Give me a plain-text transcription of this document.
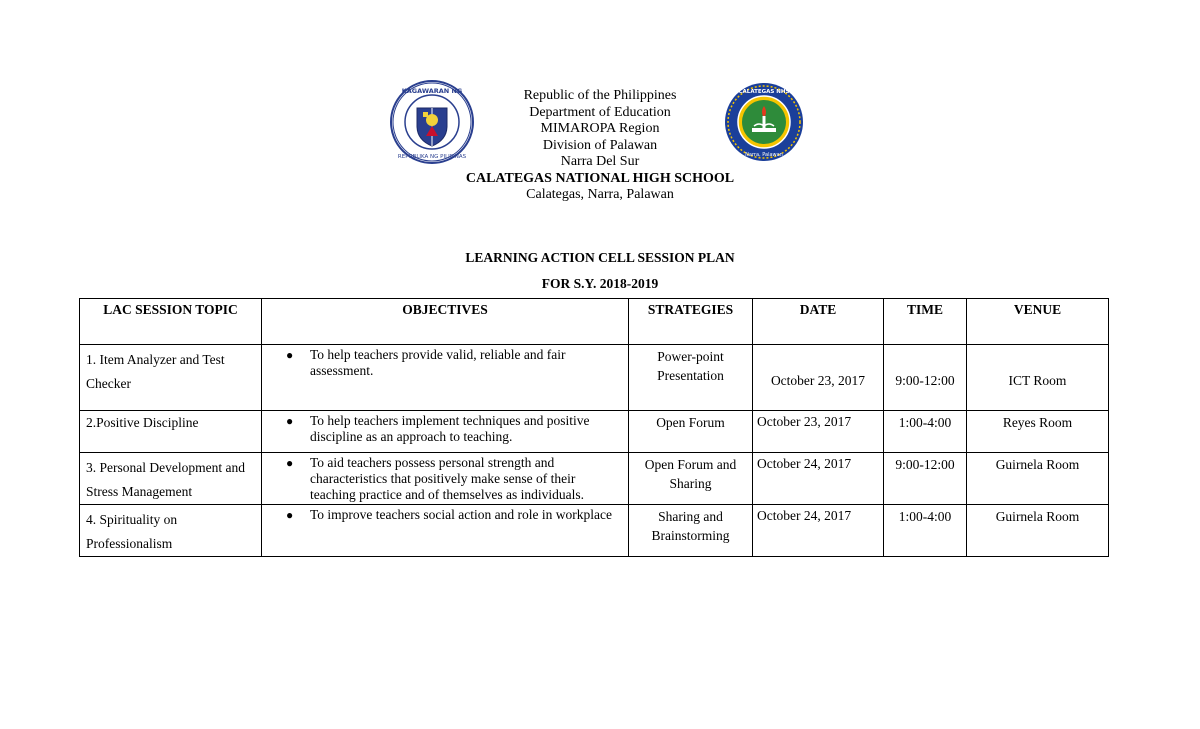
KAGAWARAN NG
REPUBLIKA NG PILIPINAS
CALATEGAS NHS
Narra, Palawan
Republic of the Philippines
Department of Education
MIMAROPA Region
Division of Palawan
Narra Del Sur
CALATEGAS NATIONAL HIGH SCHOOL
Calategas, Narra, Palawan
LEARNING ACTION CELL SESSION PLAN
FOR S.Y. 2018-2019
LAC SESSION TOPIC	OBJECTIVES	STRATEGIES	DATE	TIME	VENUE
1. Item Analyzer and Test Checker	● To help teachers provide valid, reliable and fair assessment.	Power-point Presentation	October 23, 2017	9:00-12:00	ICT Room
2.Positive Discipline	● To help teachers implement techniques and positive discipline as an approach to teaching.	Open Forum	October 23, 2017	1:00-4:00	Reyes Room
3. Personal Development and Stress Management	● To aid teachers possess personal strength and characteristics that positively make sense of their teaching practice and of themselves as individuals.	Open Forum and Sharing	October 24, 2017	9:00-12:00	Guirnela Room
4. Spirituality on Professionalism	● To improve teachers social action and role in workplace	Sharing and Brainstorming	October 24, 2017	1:00-4:00	Guirnela Room
